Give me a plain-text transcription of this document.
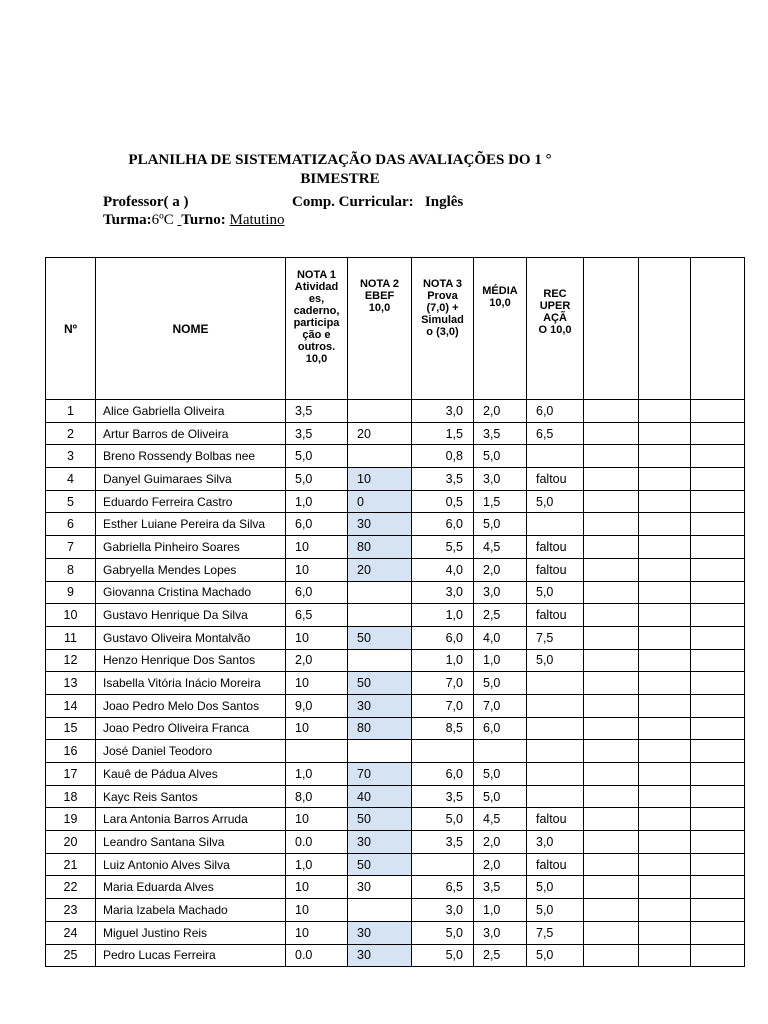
PLANILHA DE SISTEMATIZAÇÃO DAS AVALIAÇÕES DO 1 °
BIMESTRE
Professor( a )	Comp. Curricular: Inglês
Turma:6ºC Turno: Matutino
Nº	NOME	NOTA 1 Atividad es, caderno, participa ção e outros. 10,0	NOTA 2 EBEF 10,0	NOTA 3 Prova (7,0) + Simulad o (3,0)	MÉDIA 10,0	REC UPER AÇÃ O 10,0			

1	Alice Gabriella Oliveira	3,5		3,0	2,0	6,0			
2	Artur Barros de Oliveira	3,5	20	1,5	3,5	6,5			
3	Breno Rossendy Bolbas nee	5,0		0,8	5,0				
4	Danyel Guimaraes Silva	5,0	10	3,5	3,0	faltou			
5	Eduardo Ferreira Castro	1,0	0	0,5	1,5	5,0			
6	Esther Luiane Pereira da Silva	6,0	30	6,0	5,0				
7	Gabriella Pinheiro Soares	10	80	5,5	4,5	faltou			
8	Gabryella Mendes Lopes	10	20	4,0	2,0	faltou			
9	Giovanna Cristina Machado	6,0		3,0	3,0	5,0			
10	Gustavo Henrique Da Silva	6,5		1,0	2,5	faltou			
11	Gustavo Oliveira Montalvão	10	50	6,0	4,0	7,5			
12	Henzo Henrique Dos Santos	2,0		1,0	1,0	5,0			
13	Isabella Vitória Inácio Moreira	10	50	7,0	5,0				
14	Joao Pedro Melo Dos Santos	9,0	30	7,0	7,0				
15	Joao Pedro Oliveira Franca	10	80	8,5	6,0				
16	José Daniel Teodoro								
17	Kauê de Pádua Alves	1,0	70	6,0	5,0				
18	Kayc Reis Santos	8,0	40	3,5	5,0				
19	Lara Antonia Barros Arruda	10	50	5,0	4,5	faltou			
20	Leandro Santana Silva	0.0	30	3,5	2,0	3,0			
21	Luiz Antonio Alves Silva	1,0	50		2,0	faltou			
22	Maria Eduarda Alves	10	30	6,5	3,5	5,0			
23	Maria Izabela Machado	10		3,0	1,0	5,0			
24	Miguel Justino Reis	10	30	5,0	3,0	7,5			
25	Pedro Lucas Ferreira	0.0	30	5,0	2,5	5,0			
